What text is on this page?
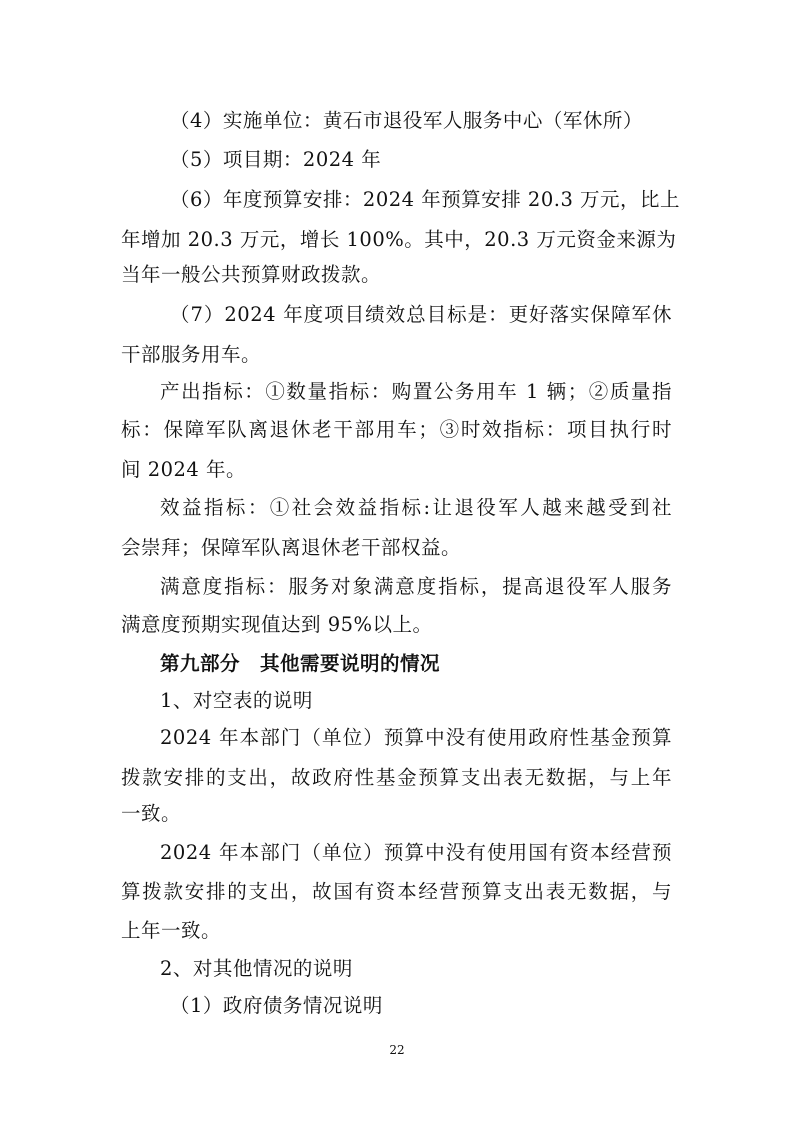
（4）实施单位：黄石市退役军人服务中心（军休所）
（5）项目期：2024 年
（6）年度预算安排：2024 年预算安排 20.3 万元，比上
年增加 20.3 万元，增长 100%。其中，20.3 万元资金来源为
当年一般公共预算财政拨款。
（7）2024 年度项目绩效总目标是：更好落实保障军休
干部服务用车。
产出指标：①数量指标：购置公务用车 1 辆；②质量指
标：保障军队离退休老干部用车；③时效指标：项目执行时
间 2024 年。
效益指标：①社会效益指标:让退役军人越来越受到社
会崇拜；保障军队离退休老干部权益。
满意度指标：服务对象满意度指标，提高退役军人服务
满意度预期实现值达到 95%以上。
第九部分　其他需要说明的情况
1、对空表的说明
2024 年本部门（单位）预算中没有使用政府性基金预算
拨款安排的支出，故政府性基金预算支出表无数据，与上年
一致。
2024 年本部门（单位）预算中没有使用国有资本经营预
算拨款安排的支出，故国有资本经营预算支出表无数据，与
上年一致。
2、对其他情况的说明
（1）政府债务情况说明
22
